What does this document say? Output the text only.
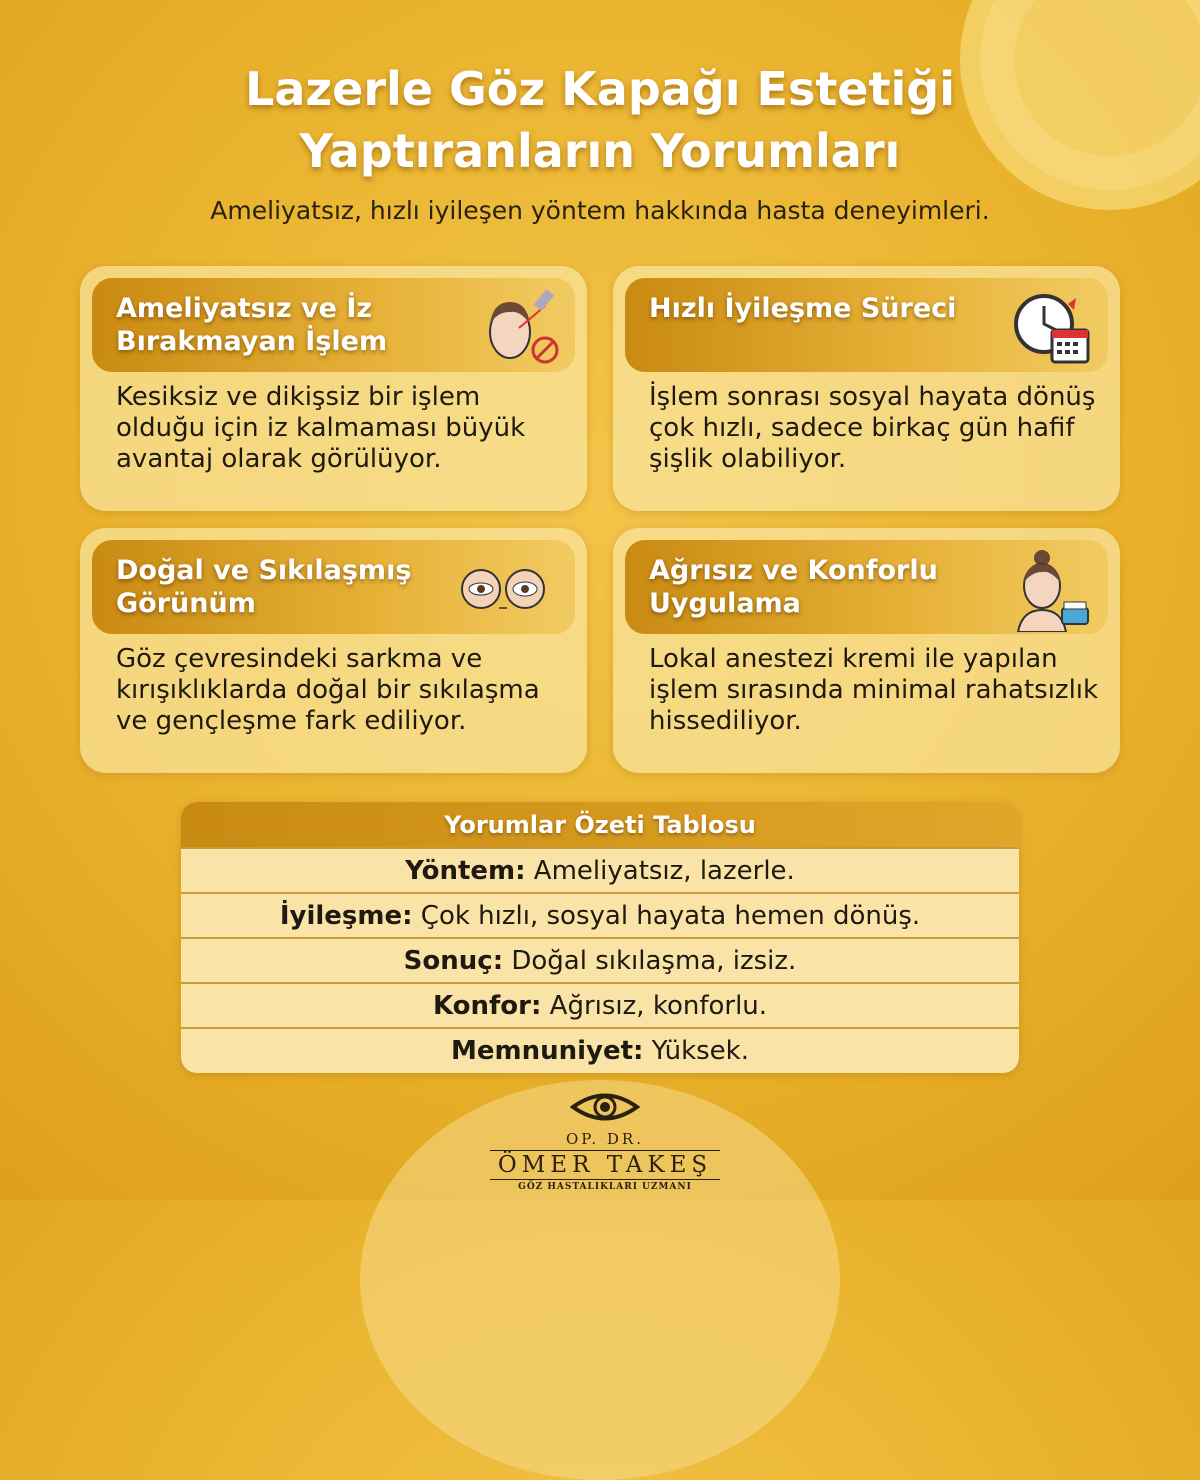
Lazerle Göz Kapağı Estetiği
Yaptıranların Yorumları
Ameliyatsız, hızlı iyileşen yöntem hakkında hasta deneyimleri.
Ameliyatsız ve İz Bırakmayan İşlem
Kesiksiz ve dikişsiz bir işlem olduğu için iz kalmaması büyük avantaj olarak görülüyor.
Hızlı İyileşme Süreci
İşlem sonrası sosyal hayata dönüş çok hızlı, sadece birkaç gün hafif şişlik olabiliyor.
Doğal ve Sıkılaşmış Görünüm
Göz çevresindeki sarkma ve kırışıklıklarda doğal bir sıkılaşma ve gençleşme fark ediliyor.
Ağrısız ve Konforlu Uygulama
Lokal anestezi kremi ile yapılan işlem sırasında minimal rahatsızlık hissediliyor.
Yorumlar Özeti Tablosu
Yöntem: Ameliyatsız, lazerle.
İyileşme: Çok hızlı, sosyal hayata hemen dönüş.
Sonuç: Doğal sıkılaşma, izsiz.
Konfor: Ağrısız, konforlu.
Memnuniyet: Yüksek.
OP. DR.
ÖMER TAKEŞ
GÖZ HASTALIKLARI UZMANI
